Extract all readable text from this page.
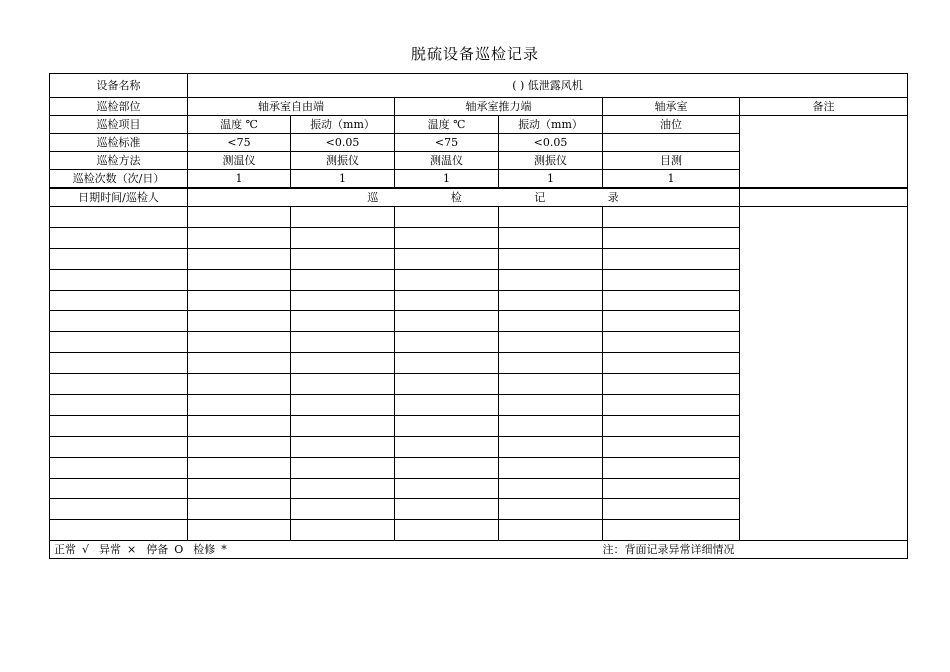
脱硫设备巡检记录
设备名称	( ) 低泄露风机					
巡检部位	轴承室自由端		轴承室推力端		轴承室	备注
巡检项目	温度 ℃	振动（mm）	温度 ℃	振动（mm）	油位	
巡检标准	<75	<0.05	<75	<0.05		
巡检方法	测温仪	测振仪	测温仪	测振仪	目测	
巡检次数（次/日）	1	1	1	1	1	
日期时间/巡检人	巡 检 记 录					

正常 √ 异常 × 停备 O 检修 *					注：背面记录异常详细情况	
